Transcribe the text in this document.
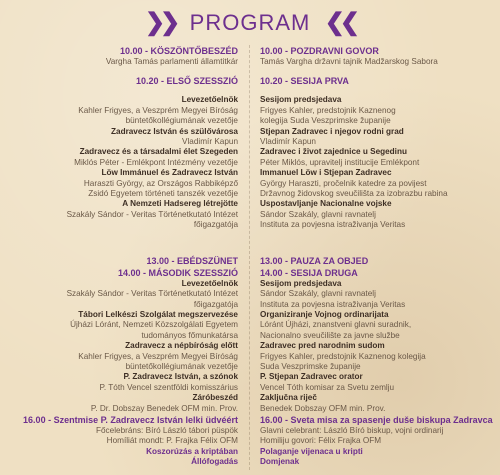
❯❯ PROGRAM ❮❮
10.00 - KÖSZÖNTŐBESZÉD
Vargha Tamás parlamenti államtitkár
10.20 - ELSŐ SZESSZIÓ
Levezetőelnök
Kahler Frigyes, a Veszprém Megyei Bíróság
büntetőkollégiumának vezetője
Zadravecz István és szülővárosa
Vladimír Kapun
Zadravecz és a társadalmi élet Szegeden
Miklós Péter - Emlékpont Intézmény vezetője
Löw Immánuel és Zadravecz István
Haraszti György, az Országos Rabbiképző
Zsidó Egyetem történeti tanszék vezetője
A Nemzeti Hadsereg létrejötte
Szakály Sándor - Veritas Történetkutató Intézet
főigazgatója
13.00 - EBÉDSZÜNET
14.00 - MÁSODIK SZESSZIÓ
Levezetőelnök
Szakály Sándor - Veritas Történetkutató Intézet
főigazgatója
Tábori Lelkészi Szolgálat megszervezése
Újházi Lóránt, Nemzeti Közszolgálati Egyetem
tudományos főmunkatársa
Zadravecz a népbíróság előtt
Kahler Frigyes, a Veszprém Megyei Bíróság
büntetőkollégiumának vezetője
P. Zadravecz István, a szónok
P. Tóth Vencel szentföldi komisszárius
Záróbeszéd
P. Dr. Dobszay Benedek OFM min. Prov.
16.00 - Szentmise P. Zadravecz István lelki üdvéért
Főcelebráns: Bíró László tábori püspök
Homíliát mondt: P. Frajka Félix OFM
Koszorúzás a kriptában
Állófogadás
10.00 - POZDRAVNI GOVOR
Tamás Vargha državni tajnik Madžarskog Sabora
10.20 - SESIJA PRVA
Sesijom predsjedava
Frigyes Kahler, predstojnik Kaznenog
kolegija Suda Veszprimske županije
Stjepan Zadravec i njegov rodni grad
Vladimír Kapun
Zadravec i život zajednice u Segedinu
Péter Miklós, upravitelj institucije Emlékpont
Immanuel Löw i Stjepan Zadravec
György Haraszti, pročelnik katedre za povijest
Državnog židovskog sveučilišta za izobrazbu rabina
Uspostavljanje Nacionalne vojske
Sándor Szakály, glavni ravnatelj
Instituta za povjesna istraživanja Veritas
13.00 - PAUZA ZA OBJED
14.00 - SESIJA DRUGA
Sesijom predsjedava
Sándor Szakály, glavni ravnatelj
Instituta za povjesna istraživanja Veritas
Organiziranje Vojnog ordinarijata
Lóránt Újházi, znanstveni glavni suradnik,
Nacionalno sveučilište za javne službe
Zadravec pred narodnim sudom
Frigyes Kahler, predstojnik Kaznenog kolegija
Suda Veszprimske županije
P. Stjepan Zadravec orator
Vencel Tóth komisar za Svetu zemlju
Zaključna riječ
Benedek Dobszay OFM min. Prov.
16.00 - Sveta misa za spasenje duše biskupa Zadravca
Glavni celebrant: László Bíró biskup, vojni ordinarij
Homiliju govori: Félix Frajka OFM
Polaganje vijenaca u kripti
Domjenak
